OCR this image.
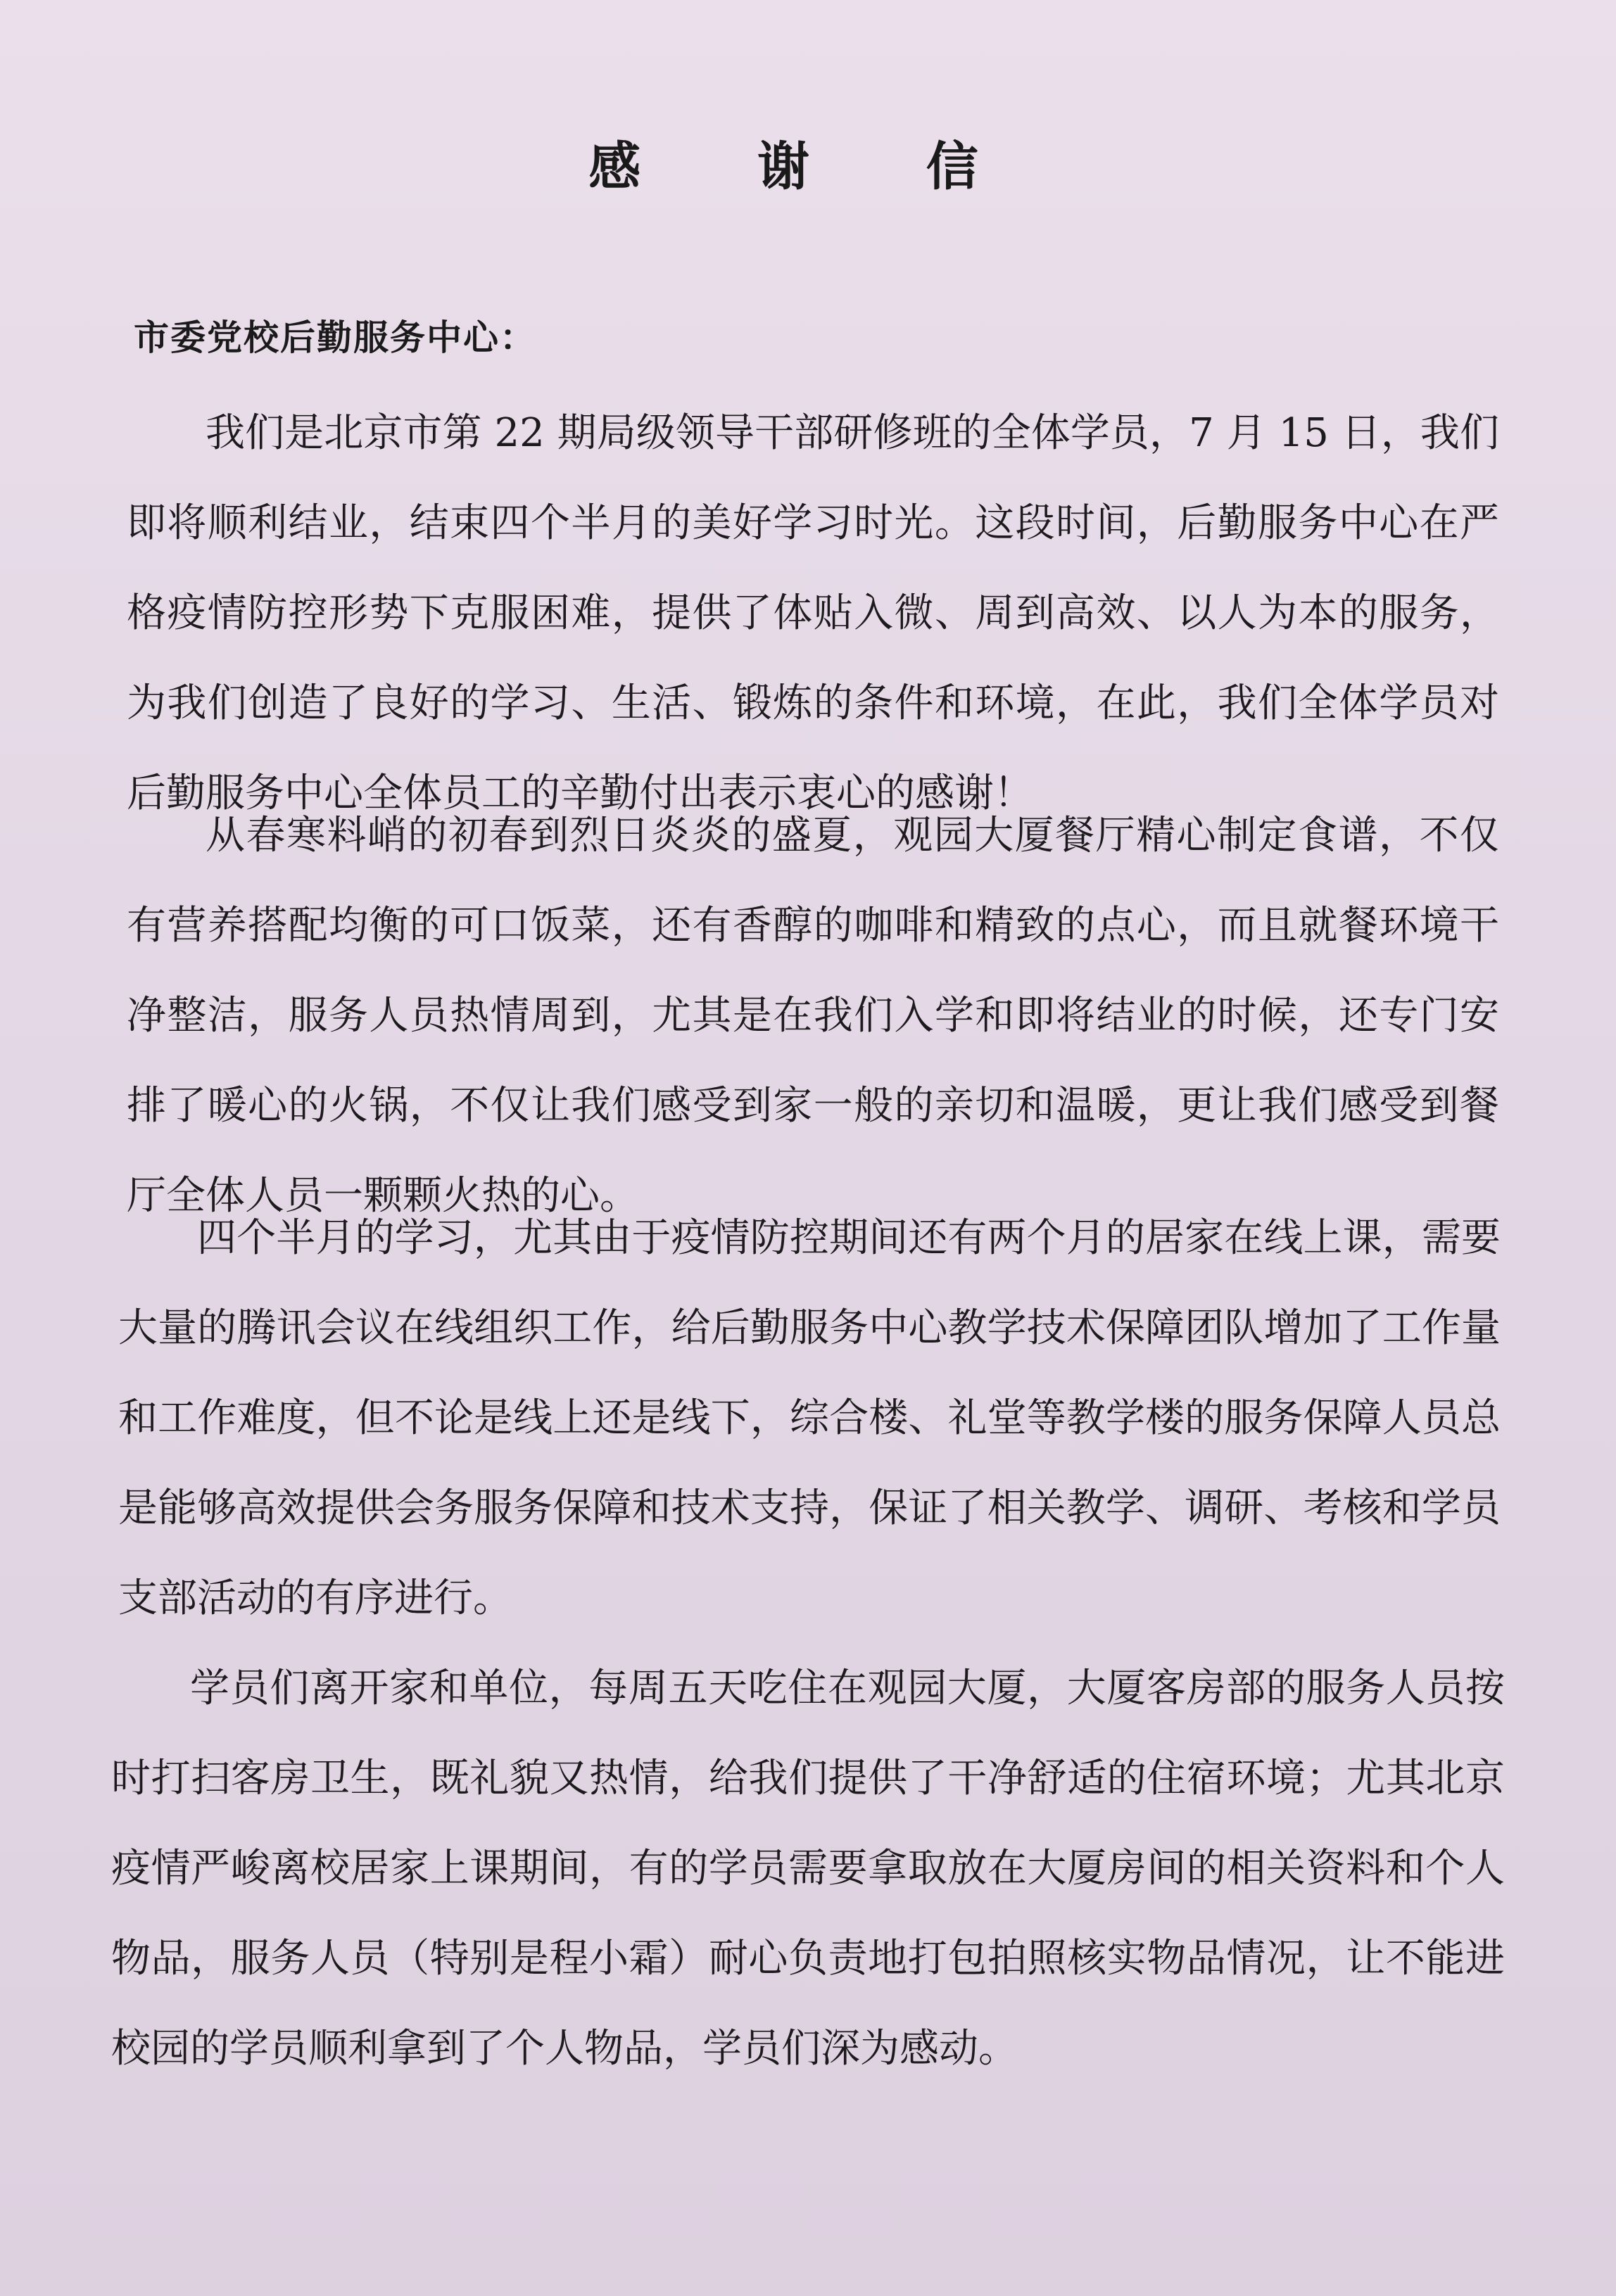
感 谢 信
市委党校后勤服务中心：

我们是北京市第 22 期局级领导干部研修班的全体学员，7 月 15 日，我们即将顺利结业，结束四个半月的美好学习时光。这段时间，后勤服务中心在严格疫情防控形势下克服困难，提供了体贴入微、周到高效、以人为本的服务，为我们创造了良好的学习、生活、锻炼的条件和环境，在此，我们全体学员对后勤服务中心全体员工的辛勤付出表示衷心的感谢！

从春寒料峭的初春到烈日炎炎的盛夏，观园大厦餐厅精心制定食谱，不仅有营养搭配均衡的可口饭菜，还有香醇的咖啡和精致的点心，而且就餐环境干净整洁，服务人员热情周到，尤其是在我们入学和即将结业的时候，还专门安排了暖心的火锅，不仅让我们感受到家一般的亲切和温暖，更让我们感受到餐厅全体人员一颗颗火热的心。

四个半月的学习，尤其由于疫情防控期间还有两个月的居家在线上课，需要大量的腾讯会议在线组织工作，给后勤服务中心教学技术保障团队增加了工作量和工作难度，但不论是线上还是线下，综合楼、礼堂等教学楼的服务保障人员总是能够高效提供会务服务保障和技术支持，保证了相关教学、调研、考核和学员支部活动的有序进行。

学员们离开家和单位，每周五天吃住在观园大厦，大厦客房部的服务人员按时打扫客房卫生，既礼貌又热情，给我们提供了干净舒适的住宿环境；尤其北京疫情严峻离校居家上课期间，有的学员需要拿取放在大厦房间的相关资料和个人物品，服务人员（特别是程小霜）耐心负责地打包拍照核实物品情况，让不能进校园的学员顺利拿到了个人物品，学员们深为感动。
